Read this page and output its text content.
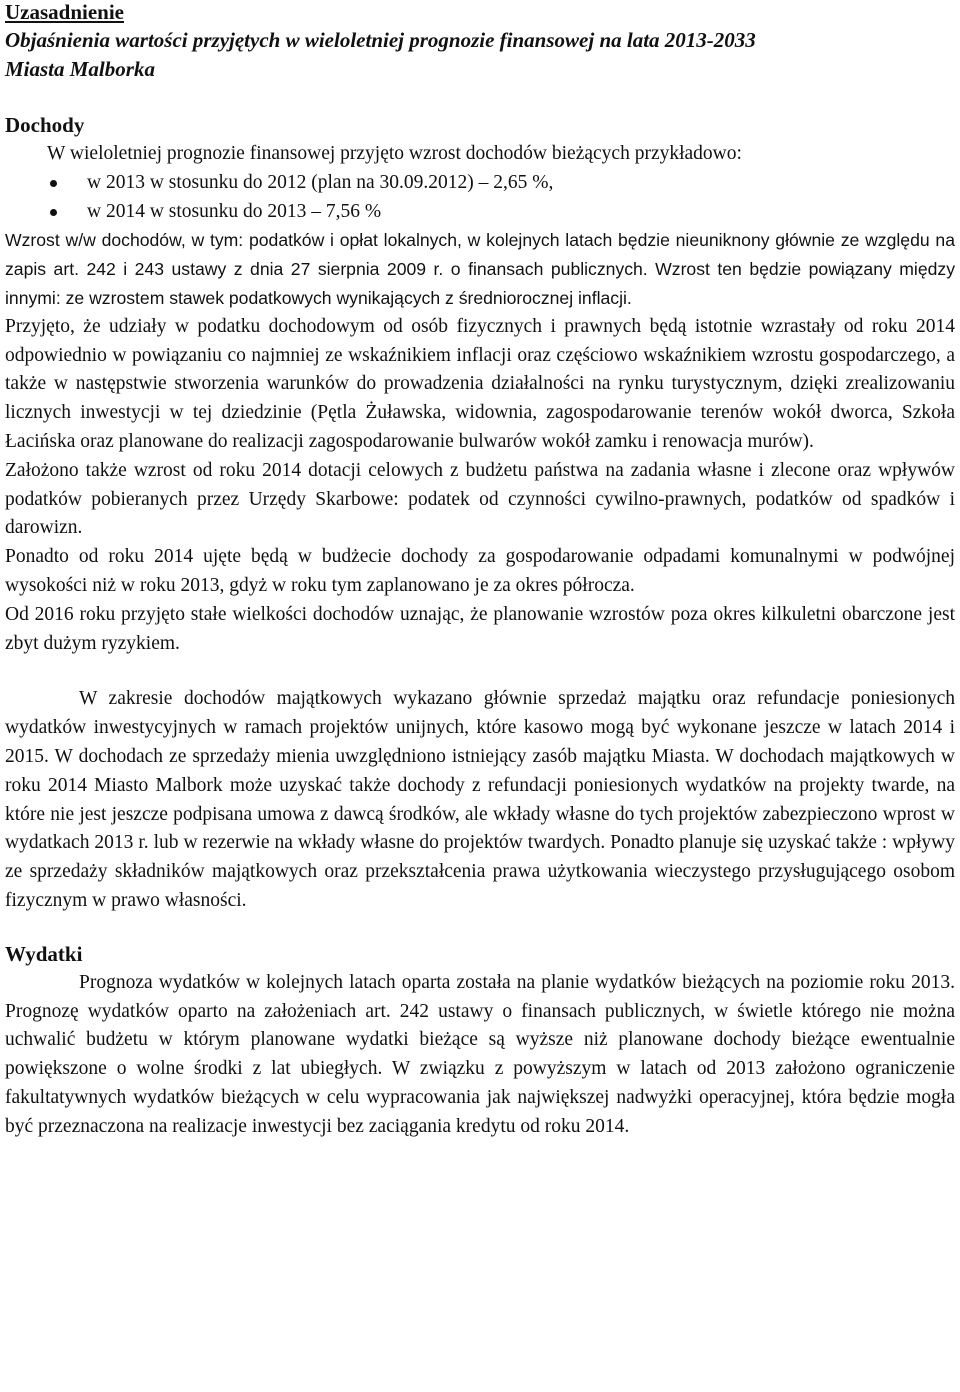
Uzasadnienie
Objaśnienia wartości przyjętych w wieloletniej prognozie finansowej na lata 2013-2033
Miasta Malborka
Dochody

W wieloletniej prognozie finansowej przyjęto wzrost dochodów bieżących przykładowo:

w 2013 w stosunku do 2012 (plan na 30.09.2012) – 2,65 %,
w 2014 w stosunku do 2013 – 7,56 %

Wzrost w/w dochodów, w tym: podatków i opłat lokalnych, w kolejnych latach będzie nieuniknony głównie ze względu na zapis art. 242 i 243 ustawy z dnia 27 sierpnia 2009 r. o finansach publicznych. Wzrost ten będzie powiązany między innymi: ze wzrostem stawek podatkowych wynikających z średniorocznej inflacji.

Przyjęto, że udziały w podatku dochodowym od osób fizycznych i prawnych będą istotnie wzrastały od roku 2014 odpowiednio w powiązaniu co najmniej ze wskaźnikiem inflacji oraz częściowo wskaźnikiem wzrostu gospodarczego, a także w następstwie stworzenia warunków do prowadzenia działalności na rynku turystycznym, dzięki zrealizowaniu licznych inwestycji w tej dziedzinie (Pętla Żuławska, widownia, zagospodarowanie terenów wokół dworca, Szkoła Łacińska oraz planowane do realizacji zagospodarowanie bulwarów wokół zamku i renowacja murów).

Założono także wzrost od roku 2014 dotacji celowych z budżetu państwa na zadania własne i zlecone oraz wpływów podatków pobieranych przez Urzędy Skarbowe: podatek od czynności cywilno-prawnych, podatków od spadków i darowizn.

Ponadto od roku 2014 ujęte będą w budżecie dochody za gospodarowanie odpadami komunalnymi w podwójnej wysokości niż w roku 2013, gdyż w roku tym zaplanowano je za okres półrocza.

Od 2016 roku przyjęto stałe wielkości dochodów uznając, że planowanie wzrostów poza okres kilkuletni obarczone jest zbyt dużym ryzykiem.

W zakresie dochodów majątkowych wykazano głównie sprzedaż majątku oraz refundacje poniesionych wydatków inwestycyjnych w ramach projektów unijnych, które kasowo mogą być wykonane jeszcze w latach 2014 i 2015. W dochodach ze sprzedaży mienia uwzględniono istniejący zasób majątku Miasta. W dochodach majątkowych w roku 2014 Miasto Malbork może uzyskać także dochody z refundacji poniesionych wydatków na projekty twarde, na które nie jest jeszcze podpisana umowa z dawcą środków, ale wkłady własne do tych projektów zabezpieczono wprost w wydatkach 2013 r. lub w rezerwie na wkłady własne do projektów twardych. Ponadto planuje się uzyskać także : wpływy ze sprzedaży składników majątkowych oraz przekształcenia prawa użytkowania wieczystego przysługującego osobom fizycznym w prawo własności.

Wydatki

Prognoza wydatków w kolejnych latach oparta została na planie wydatków bieżących na poziomie roku 2013. Prognozę wydatków oparto na założeniach art. 242 ustawy o finansach publicznych, w świetle którego nie można uchwalić budżetu w którym planowane wydatki bieżące są wyższe niż planowane dochody bieżące ewentualnie powiększone o wolne środki z lat ubiegłych. W związku z powyższym w latach od 2013 założono ograniczenie fakultatywnych wydatków bieżących w celu wypracowania jak największej nadwyżki operacyjnej, która będzie mogła być przeznaczona na realizacje inwestycji bez zaciągania kredytu od roku 2014.
